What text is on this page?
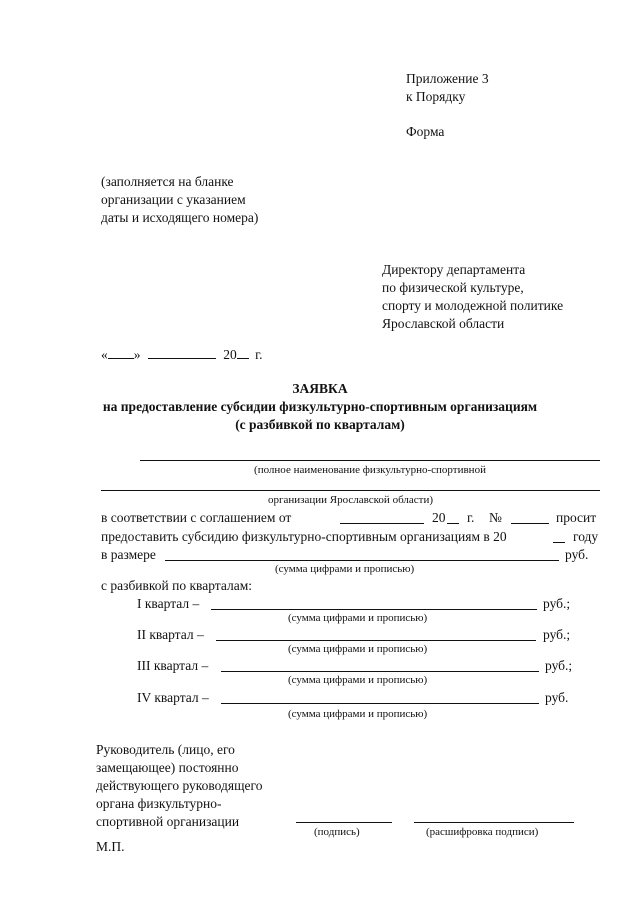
Приложение 3
к Порядку
Форма
(заполняется на бланке
организации с указанием
даты и исходящего номера)
Директору департамента
по физической культуре,
спорту и молодежной политике
Ярославской области
« »	20 г.
ЗАЯВКА
на предоставление субсидии физкультурно-спортивным организациям
(с разбивкой по кварталам)
(полное наименование физкультурно-спортивной
организации Ярославской области)
в соответствии с соглашением от	20 г. №	просит
предоставить субсидию физкультурно-спортивным организациям в 20	году
в размере	руб.
(сумма цифрами и прописью)
с разбивкой по кварталам:
I квартал –	руб.;
(сумма цифрами и прописью)
II квартал –	руб.;
(сумма цифрами и прописью)
III квартал –	руб.;
(сумма цифрами и прописью)
IV квартал –	руб.
(сумма цифрами и прописью)
Руководитель (лицо, его
замещающее) постоянно
действующего руководящего
органа физкультурно-
спортивной организации
(подпись)	(расшифровка подписи)
М.П.
